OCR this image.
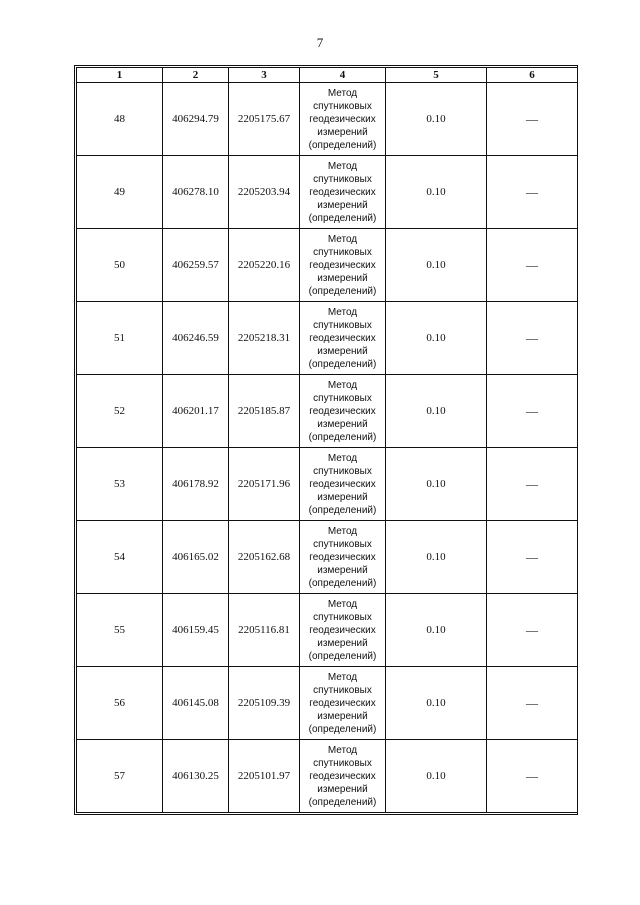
7
1	2	3	4	5	6
48	406294.79	2205175.67	Метод
спутниковых
геодезических
измерений
(определений)	0.10	—
49	406278.10	2205203.94	Метод
спутниковых
геодезических
измерений
(определений)	0.10	—
50	406259.57	2205220.16	Метод
спутниковых
геодезических
измерений
(определений)	0.10	—
51	406246.59	2205218.31	Метод
спутниковых
геодезических
измерений
(определений)	0.10	—
52	406201.17	2205185.87	Метод
спутниковых
геодезических
измерений
(определений)	0.10	—
53	406178.92	2205171.96	Метод
спутниковых
геодезических
измерений
(определений)	0.10	—
54	406165.02	2205162.68	Метод
спутниковых
геодезических
измерений
(определений)	0.10	—
55	406159.45	2205116.81	Метод
спутниковых
геодезических
измерений
(определений)	0.10	—
56	406145.08	2205109.39	Метод
спутниковых
геодезических
измерений
(определений)	0.10	—
57	406130.25	2205101.97	Метод
спутниковых
геодезических
измерений
(определений)	0.10	—
